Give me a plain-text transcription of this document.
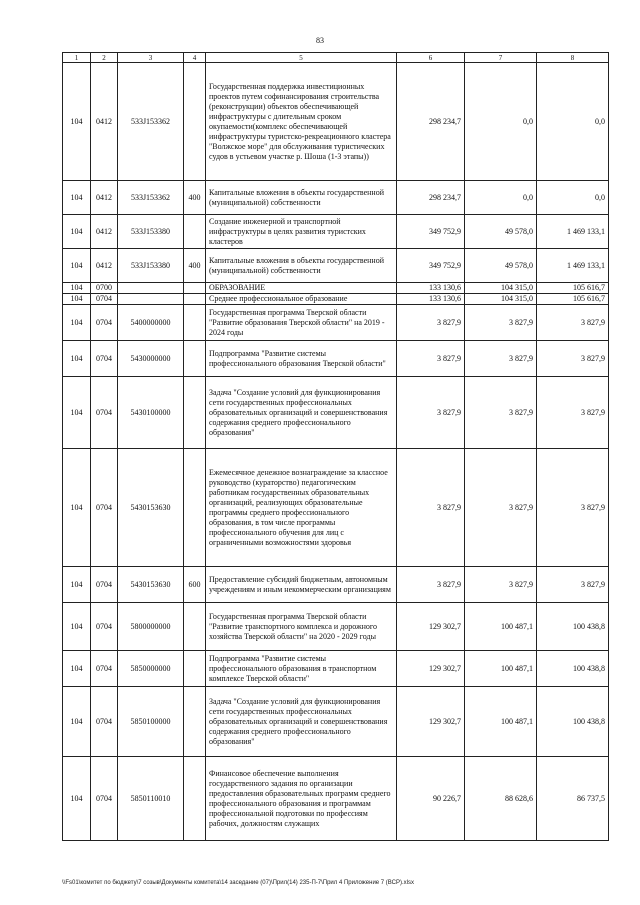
83
1	2	3	4	5	6	7	8
104	0412	533J153362		Государственная поддержка инвестиционных проектов путем софинансирования строительства (реконструкции) объектов обеспечивающей инфраструктуры с длительным сроком окупаемости(комплекс обеспечивающей инфраструктуры туристско-рекреационного кластера "Волжское море" для обслуживания туристических судов в устьевом участке р. Шоша (1-3 этапы))	298 234,7	0,0	0,0
104	0412	533J153362	400	Капитальные вложения в объекты государственной (муниципальной) собственности	298 234,7	0,0	0,0
104	0412	533J153380		Создание инженерной и транспортной инфраструктуры в целях развития туристских кластеров	349 752,9	49 578,0	1 469 133,1
104	0412	533J153380	400	Капитальные вложения в объекты государственной (муниципальной) собственности	349 752,9	49 578,0	1 469 133,1
104	0700			ОБРАЗОВАНИЕ	133 130,6	104 315,0	105 616,7
104	0704			Среднее профессиональное образование	133 130,6	104 315,0	105 616,7
104	0704	5400000000		Государственная программа Тверской области "Развитие образования Тверской области" на 2019 - 2024 годы	3 827,9	3 827,9	3 827,9
104	0704	5430000000		Подпрограмма "Развитие системы профессионального образования Тверской области"	3 827,9	3 827,9	3 827,9
104	0704	5430100000		Задача "Создание условий для функционирования сети государственных профессиональных образовательных организаций и совершенствования содержания среднего профессионального образования"	3 827,9	3 827,9	3 827,9
104	0704	5430153630		Ежемесячное денежное вознаграждение за классное руководство (кураторство) педагогическим работникам государственных образовательных организаций, реализующих образовательные программы среднего профессионального образования, в том числе программы профессионального обучения для лиц с ограниченными возможностями здоровья	3 827,9	3 827,9	3 827,9
104	0704	5430153630	600	Предоставление субсидий бюджетным, автономным учреждениям и иным некоммерческим организациям	3 827,9	3 827,9	3 827,9
104	0704	5800000000		Государственная программа Тверской области "Развитие транспортного комплекса и дорожного хозяйства Тверской области" на 2020 - 2029 годы	129 302,7	100 487,1	100 438,8
104	0704	5850000000		Подпрограмма "Развитие системы профессионального образования в транспортном комплексе Тверской области"	129 302,7	100 487,1	100 438,8
104	0704	5850100000		Задача "Создание условий для функционирования сети государственных профессиональных образовательных организаций и совершенствования содержания среднего профессионального образования"	129 302,7	100 487,1	100 438,8
104	0704	5850110010		Финансовое обеспечение выполнения государственного задания по организации предоставления образовательных программ среднего профессионального образования и программам профессиональной подготовки по профессиям рабочих, должностям служащих	90 226,7	88 628,6	86 737,5
\\Fs01\комитет по бюджету\7 созыв\Документы комитета\14 заседание (07)\Прил(14) 235-П-7\Прил 4 Приложение 7 (ВСР).xlsx
